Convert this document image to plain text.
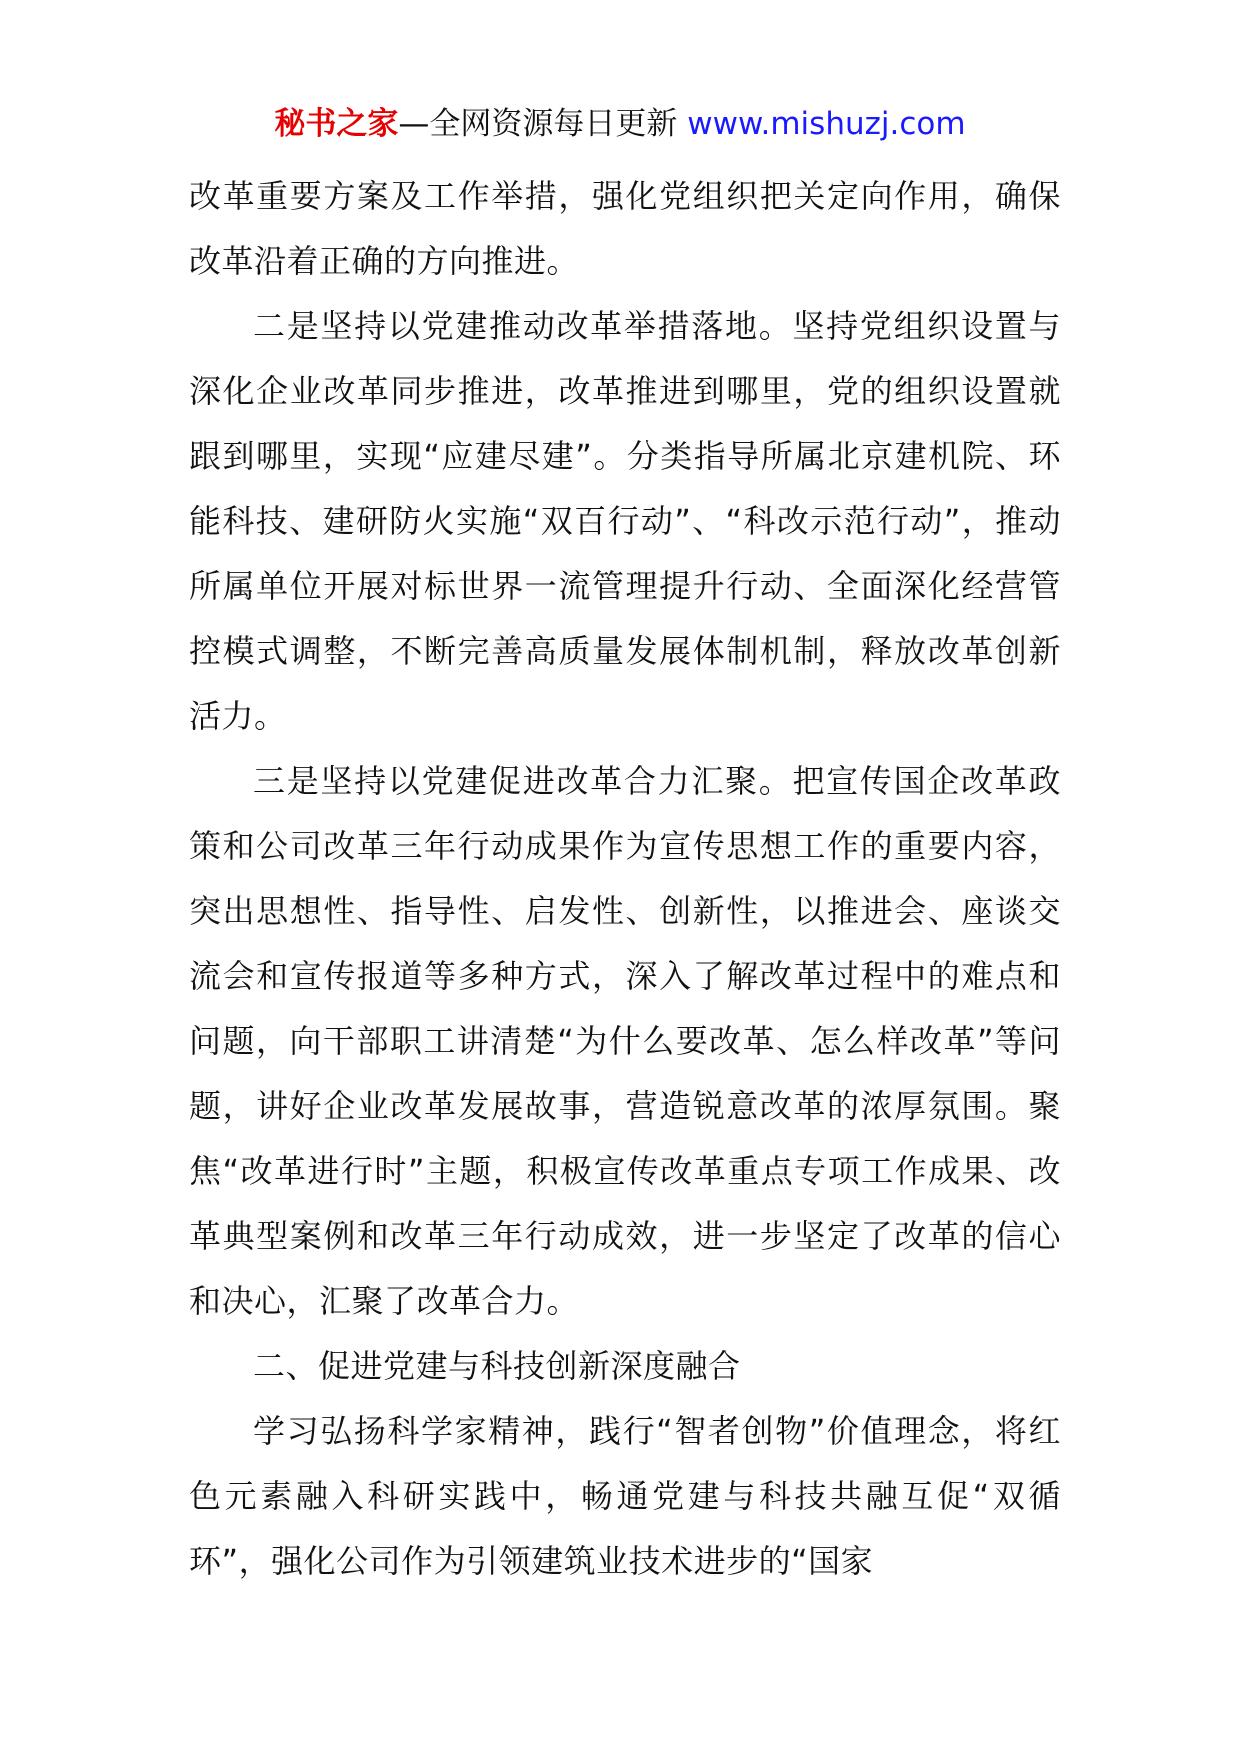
秘书之家—全网资源每日更新 www.mishuzj.com

改革重要方案及工作举措，强化党组织把关定向作用，确保改革沿着正确的方向推进。

二是坚持以党建推动改革举措落地。坚持党组织设置与深化企业改革同步推进，改革推进到哪里，党的组织设置就跟到哪里，实现“应建尽建”。分类指导所属北京建机院、环能科技、建研防火实施“双百行动”、“科改示范行动”，推动所属单位开展对标世界一流管理提升行动、全面深化经营管控模式调整，不断完善高质量发展体制机制，释放改革创新活力。

三是坚持以党建促进改革合力汇聚。把宣传国企改革政策和公司改革三年行动成果作为宣传思想工作的重要内容，突出思想性、指导性、启发性、创新性，以推进会、座谈交流会和宣传报道等多种方式，深入了解改革过程中的难点和问题，向干部职工讲清楚“为什么要改革、怎么样改革”等问题，讲好企业改革发展故事，营造锐意改革的浓厚氛围。聚焦“改革进行时”主题，积极宣传改革重点专项工作成果、改革典型案例和改革三年行动成效，进一步坚定了改革的信心和决心，汇聚了改革合力。

二、促进党建与科技创新深度融合

学习弘扬科学家精神，践行“智者创物”价值理念，将红色元素融入科研实践中，畅通党建与科技共融互促“双循环”，强化公司作为引领建筑业技术进步的“国家
